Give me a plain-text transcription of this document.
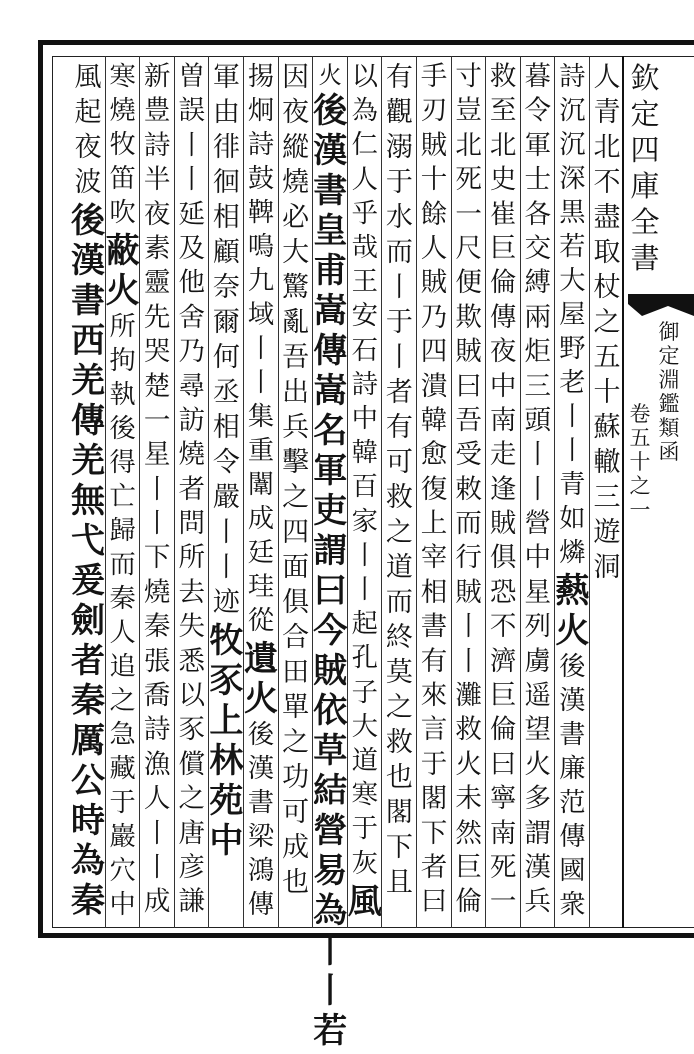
欽
定
四
庫
全
書
御
定
淵
鑑
類
函
卷
五
十
之
一
人
青
北
不
盡
取
杖
之
五
十
蘇
轍
三
遊
洞
詩
沉
沉
深
黒
若
大
屋
野
老
丨
丨
青
如
燐
爇
火
後
漢
書
廉
范
傳
國
衆
暮
令
軍
士
各
交
縛
兩
炬
三
頭
丨
丨
營
中
星
列
虜
遥
望
火
多
謂
漢
兵
救
至
北
史
崔
巨
倫
傳
夜
中
南
走
逢
賊
俱
恐
不
濟
巨
倫
曰
寧
南
死
一
寸
豈
北
死
一
尺
便
欺
賊
曰
吾
受
敕
而
行
賊
丨
丨
灘
救
火
未
然
巨
倫
手
刃
賊
十
餘
人
賊
乃
四
潰
韓
愈
復
上
宰
相
書
有
來
言
于
閣
下
者
曰
有
觀
溺
于
水
而
丨
于
丨
者
有
可
救
之
道
而
終
莫
之
救
也
閣
下
且
以
為
仁
人
乎
哉
王
安
石
詩
中
韓
百
家
丨
丨
起
孔
子
大
道
寒
于
灰
風
火
後
漢
書
皇
甫
嵩
傳
嵩
名
軍
吏
謂
曰
今
賊
依
草
結
營
易
為
丨
丨
若
因
夜
縱
燒
必
大
驚
亂
吾
出
兵
擊
之
四
面
俱
合
田
單
之
功
可
成
也
掦
炯
詩
鼓
鞞
鳴
九
域
丨
丨
集
重
闈
成
廷
珪
從
遺
火
後
漢
書
梁
鴻
傳
軍
由
徘
徊
相
顧
奈
爾
何
丞
相
令
嚴
丨
丨
迹
牧
豕
上
林
苑
中
曽
誤
丨
丨
延
及
他
舍
乃
尋
訪
燒
者
問
所
去
失
悉
以
豕
償
之
唐
彦
謙
新
豊
詩
半
夜
素
靈
先
哭
楚
一
星
丨
丨
下
燒
秦
張
喬
詩
漁
人
丨
丨
成
寒
燒
牧
笛
吹
蔽
火
所
拘
執
後
得
亡
歸
而
秦
人
追
之
急
藏
于
巖
穴
中
風
起
夜
波
後
漢
書
西
羌
傳
羌
無
弋
爰
劍
者
秦
厲
公
時
為
秦
